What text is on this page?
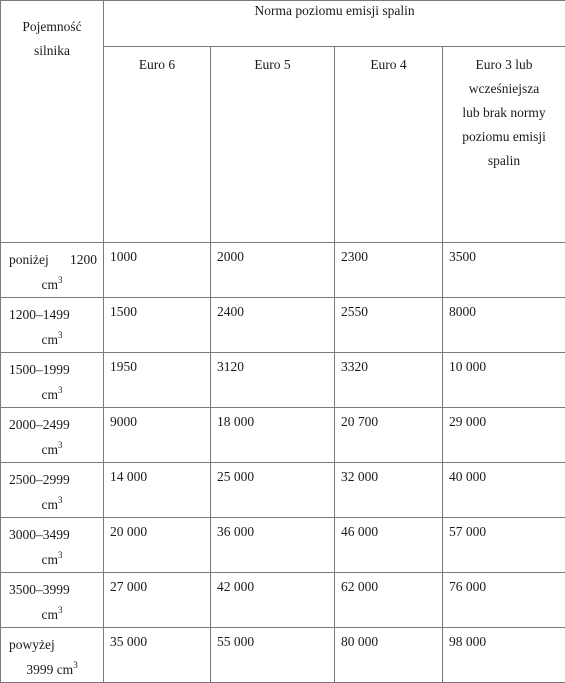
Pojemność
silnika	Norma poziomu emisji spalin			
	Euro 6	Euro 5	Euro 4	Euro 3 lub
wcześniejsza
lub brak normy
poziomu emisji
spalin

poniżej 1200
$cm^3$	1000	2000	2300	3500

1200–1499
$cm^3$	1500	2400	2550	8000

1500–1999
$cm^3$	1950	3120	3320	10 000

2000–2499
$cm^3$	9000	18 000	20 700	29 000

2500–2999
$cm^3$	14 000	25 000	32 000	40 000

3000–3499
$cm^3$	20 000	36 000	46 000	57 000

3500–3999
$cm^3$	27 000	42 000	62 000	76 000

powyżej
3999 $cm^3$	35 000	55 000	80 000	98 000
